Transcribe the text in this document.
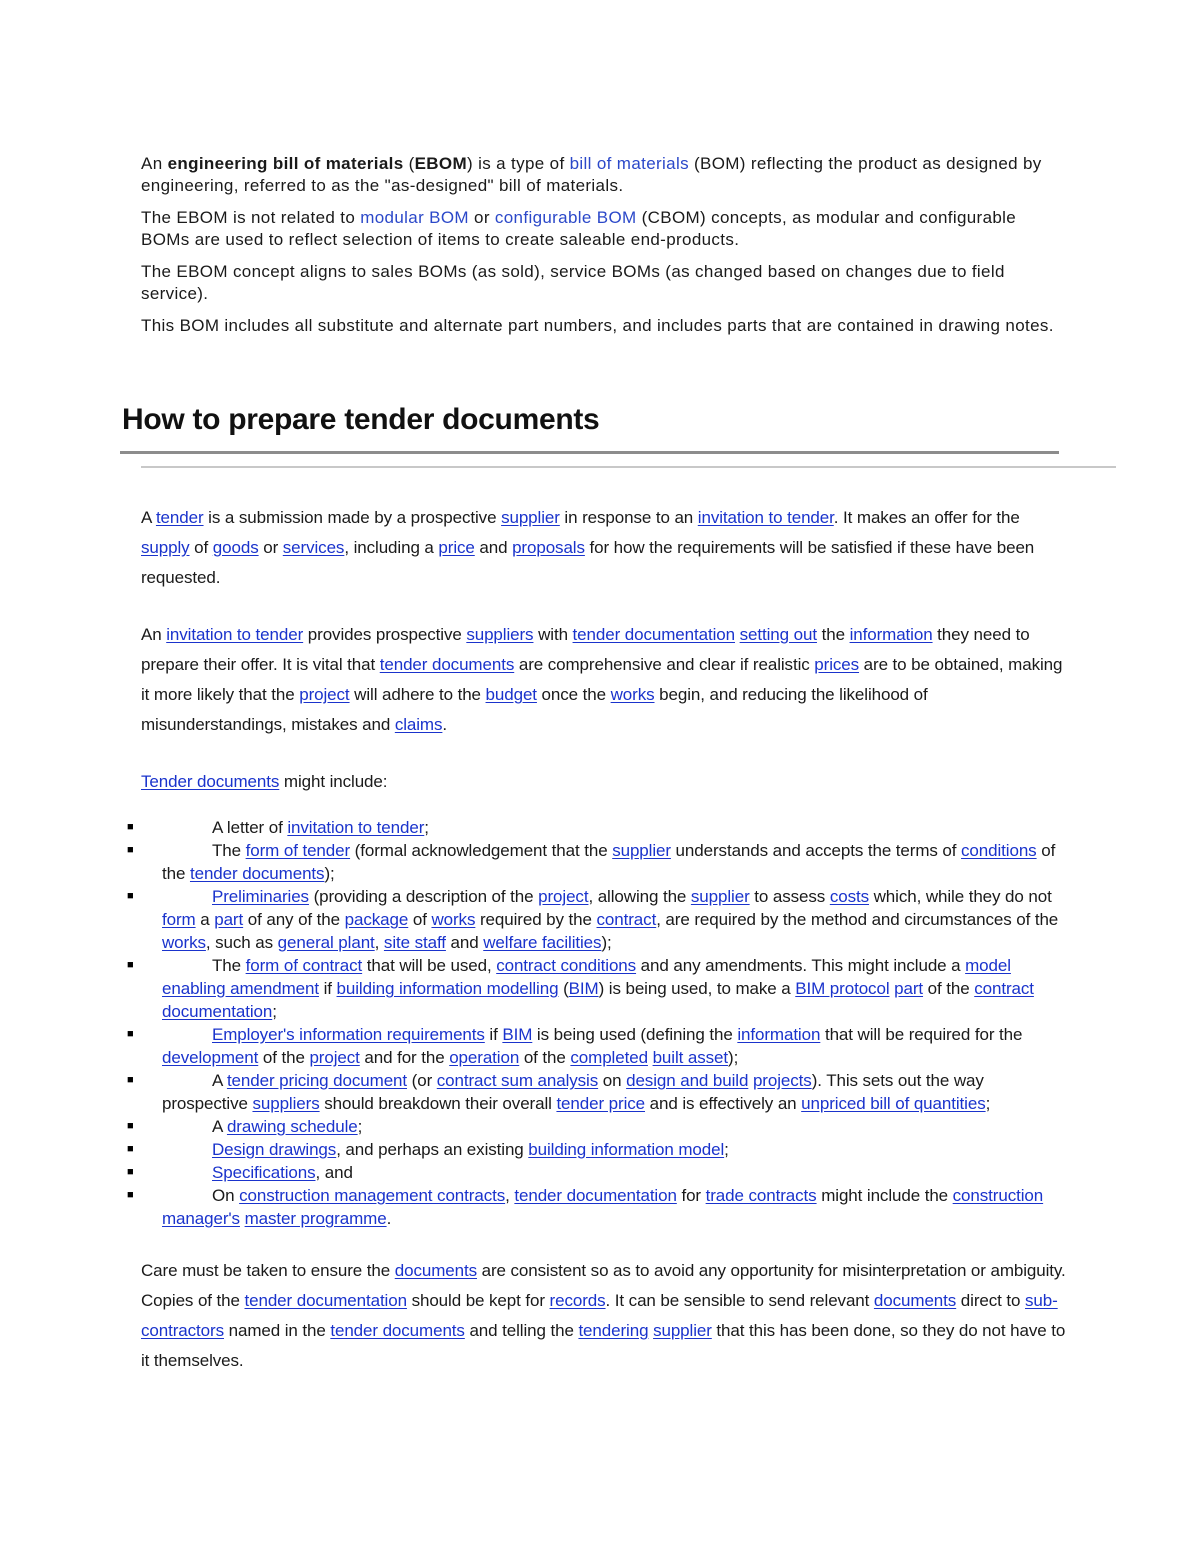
An engineering bill of materials (EBOM) is a type of bill of materials (BOM) reflecting the product as designed by engineering, referred to as the "as-designed" bill of materials.

The EBOM is not related to modular BOM or configurable BOM (CBOM) concepts, as modular and configurable BOMs are used to reflect selection of items to create saleable end-products.

The EBOM concept aligns to sales BOMs (as sold), service BOMs (as changed based on changes due to field service).

This BOM includes all substitute and alternate part numbers, and includes parts that are contained in drawing notes.

How to prepare tender documents

A tender is a submission made by a prospective supplier in response to an invitation to tender. It makes an offer for the supply of goods or services, including a price and proposals for how the requirements will be satisfied if these have been requested.

An invitation to tender provides prospective suppliers with tender documentation setting out the information they need to prepare their offer. It is vital that tender documents are comprehensive and clear if realistic prices are to be obtained, making it more likely that the project will adhere to the budget once the works begin, and reducing the likelihood of misunderstandings, mistakes and claims.

Tender documents might include:

■	A letter of invitation to tender;
■	The form of tender (formal acknowledgement that the supplier understands and accepts the terms of conditions of the tender documents);
■	Preliminaries (providing a description of the project, allowing the supplier to assess costs which, while they do not form a part of any of the package of works required by the contract, are required by the method and circumstances of the works, such as general plant, site staff and welfare facilities);
■	The form of contract that will be used, contract conditions and any amendments. This might include a model enabling amendment if building information modelling (BIM) is being used, to make a BIM protocol part of the contract documentation;
■	Employer's information requirements if BIM is being used (defining the information that will be required for the development of the project and for the operation of the completed built asset);
■	A tender pricing document (or contract sum analysis on design and build projects). This sets out the way prospective suppliers should breakdown their overall tender price and is effectively an unpriced bill of quantities;
■	A drawing schedule;
■	Design drawings, and perhaps an existing building information model;
■	Specifications, and
■	On construction management contracts, tender documentation for trade contracts might include the construction manager's master programme.

Care must be taken to ensure the documents are consistent so as to avoid any opportunity for misinterpretation or ambiguity. Copies of the tender documentation should be kept for records. It can be sensible to send relevant documents direct to sub-contractors named in the tender documents and telling the tendering supplier that this has been done, so they do not have to it themselves.
